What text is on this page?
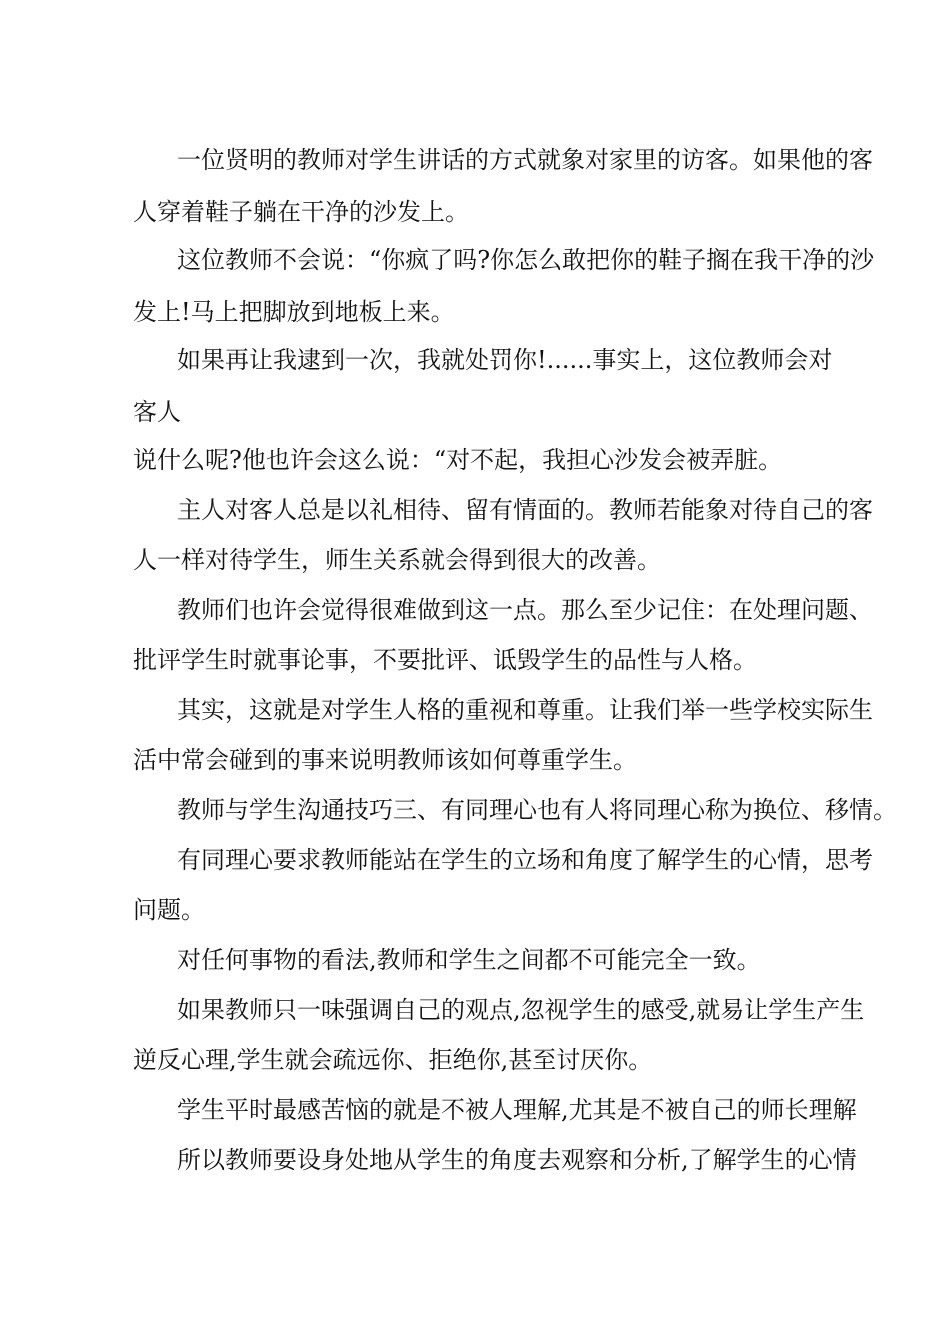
一位贤明的教师对学生讲话的方式就象对家里的访客。如果他的客
人穿着鞋子躺在干净的沙发上。
这位教师不会说：“你疯了吗?你怎么敢把你的鞋子搁在我干净的沙
发上!马上把脚放到地板上来。
如果再让我逮到一次，我就处罚你!......事实上，这位教师会对
客人
说什么呢?他也许会这么说：“对不起，我担心沙发会被弄脏。
主人对客人总是以礼相待、留有情面的。教师若能象对待自己的客
人一样对待学生，师生关系就会得到很大的改善。
教师们也许会觉得很难做到这一点。那么至少记住：在处理问题、
批评学生时就事论事，不要批评、诋毁学生的品性与人格。
其实，这就是对学生人格的重视和尊重。让我们举一些学校实际生
活中常会碰到的事来说明教师该如何尊重学生。
教师与学生沟通技巧三、有同理心也有人将同理心称为换位、移情。
有同理心要求教师能站在学生的立场和角度了解学生的心情，思考
问题。
对任何事物的看法,教师和学生之间都不可能完全一致。
如果教师只一味强调自己的观点,忽视学生的感受,就易让学生产生
逆反心理,学生就会疏远你、拒绝你,甚至讨厌你。
学生平时最感苦恼的就是不被人理解,尤其是不被自己的师长理解
所以教师要设身处地从学生的角度去观察和分析,了解学生的心情
